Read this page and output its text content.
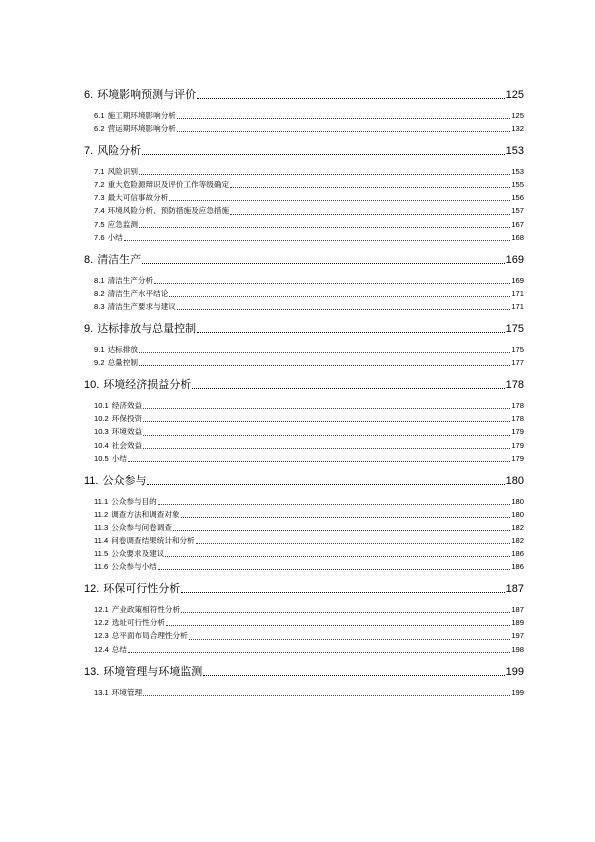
6. 环境影响预测与评价	125
6.1 施工期环境影响分析	125
6.2 营运期环境影响分析	132
7. 风险分析	153
7.1 风险识别	153
7.2 重大危险源辩识及评价工作等级确定	155
7.3 最大可信事故分析	156
7.4 环境风险分析、预防措施及应急措施	157
7.5 应急监测	167
7.6 小结	168
8. 清洁生产	169
8.1 清洁生产分析	169
8.2 清洁生产水平结论	171
8.3 清洁生产要求与建议	171
9. 达标排放与总量控制	175
9.1 达标排放	175
9.2 总量控制	177
10. 环境经济损益分析	178
10.1 经济效益	178
10.2 环保投资	178
10.3 环境效益	179
10.4 社会效益	179
10.5 小结	179
11. 公众参与	180
11.1 公众参与目的	180
11.2 调查方法和调查对象	180
11.3 公众参与问卷调查	182
11.4 问卷调查结果统计和分析	182
11.5 公众要求及建议	186
11.6 公众参与小结	186
12. 环保可行性分析	187
12.1 产业政策相符性分析	187
12.2 选址可行性分析	189
12.3 总平面布局合理性分析	197
12.4 总结	198
13. 环境管理与环境监测	199
13.1 环境管理	199
